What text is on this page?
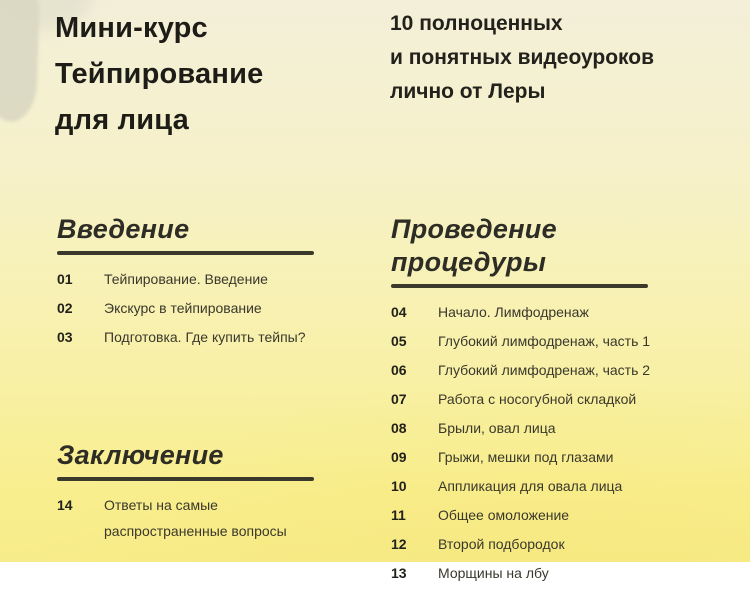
Мини-курс
Тейпирование
для лица
10 полноценных
и понятных видеоуроков
лично от Леры
Введение
01	Тейпирование. Введение
02	Экскурс в тейпирование
03	Подготовка. Где купить тейпы?
Проведение процедуры
04	Начало. Лимфодренаж
05	Глубокий лимфодренаж, часть 1
06	Глубокий лимфодренаж, часть 2
07	Работа с носогубной складкой
08	Брыли, овал лица
09	Грыжи, мешки под глазами
10	Аппликация для овала лица
11	Общее омоложение
12	Второй подбородок
13	Морщины на лбу
Заключение
14	Ответы на самые распространенные вопросы
